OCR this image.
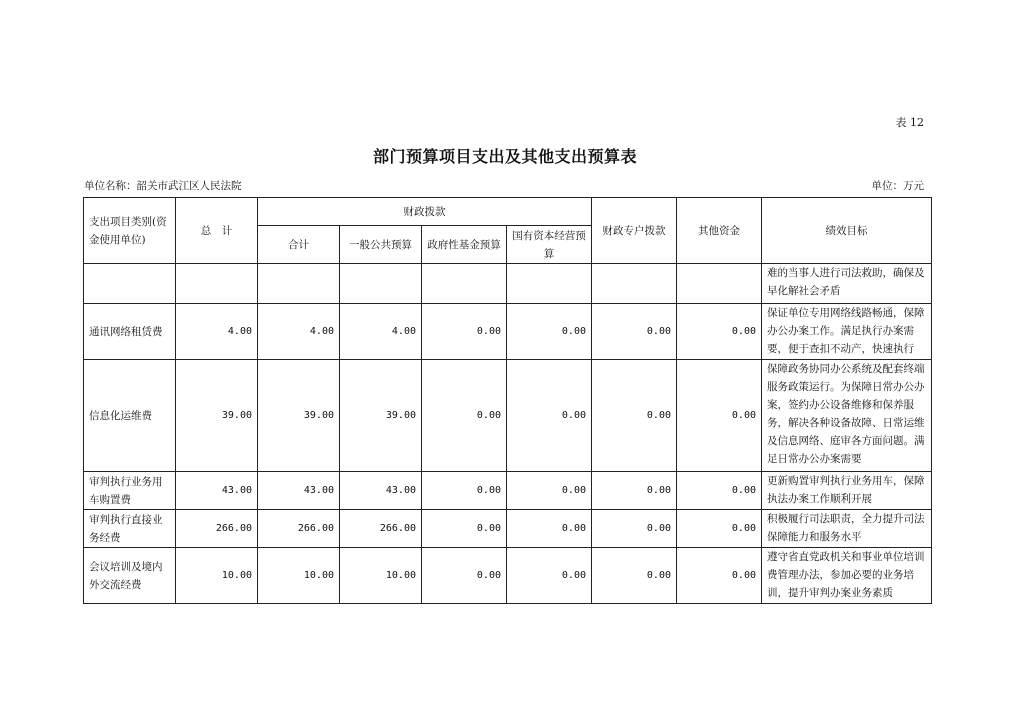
表 12
部门预算项目支出及其他支出预算表
单位名称：韶关市武江区人民法院	单位：万元
支出项目类别(资金使用单位)	总　计	财政拨款				财政专户拨款	其他资金	绩效目标
		合计	一般公共预算	政府性基金预算	国有资本经营预算			
								难的当事人进行司法救助，确保及早化解社会矛盾
通讯网络租赁费	4.00	4.00	4.00	0.00	0.00	0.00	0.00	保证单位专用网络线路畅通，保障办公办案工作。满足执行办案需要，便于查扣不动产，快速执行
信息化运维费	39.00	39.00	39.00	0.00	0.00	0.00	0.00	保障政务协同办公系统及配套终端服务政策运行。为保障日常办公办案，签约办公设备维修和保养服务，解决各种设备故障、日常运维及信息网络、庭审各方面问题。满足日常办公办案需要
审判执行业务用车购置费	43.00	43.00	43.00	0.00	0.00	0.00	0.00	更新购置审判执行业务用车，保障执法办案工作顺利开展
审判执行直接业务经费	266.00	266.00	266.00	0.00	0.00	0.00	0.00	积极履行司法职责，全力提升司法保障能力和服务水平
会议培训及境内外交流经费	10.00	10.00	10.00	0.00	0.00	0.00	0.00	遵守省直党政机关和事业单位培训费管理办法，参加必要的业务培训，提升审判办案业务素质
